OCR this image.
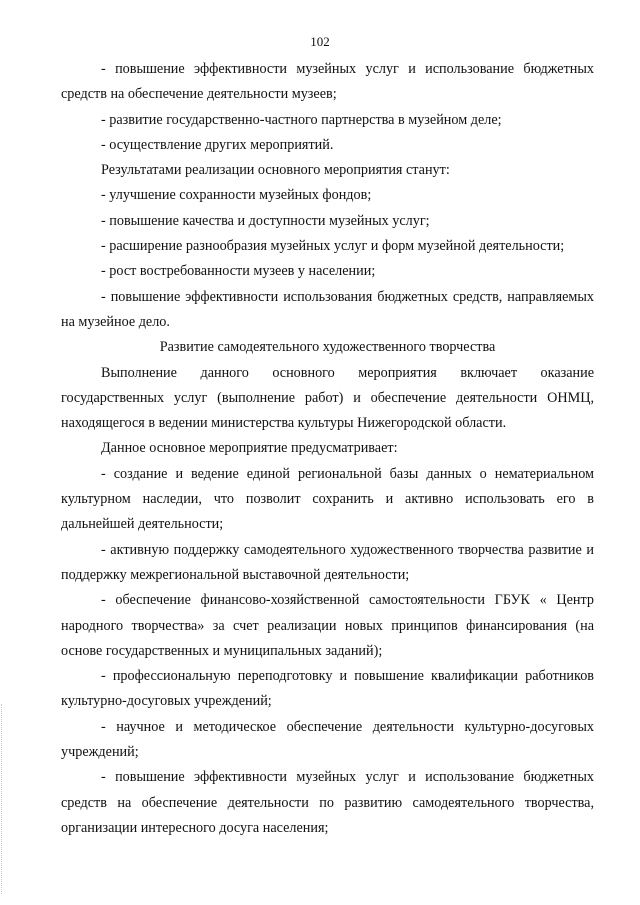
102

- повышение эффективности музейных услуг и использование бюджетных средств на обеспечение деятельности музеев;

- развитие государственно-частного партнерства в музейном деле;

- осуществление других мероприятий.

Результатами реализации основного мероприятия станут:

- улучшение сохранности музейных фондов;

- повышение качества и доступности музейных услуг;

- расширение разнообразия музейных услуг и форм музейной деятельности;

- рост востребованности музеев у населении;

- повышение эффективности использования бюджетных средств, направляемых на музейное дело.

Развитие самодеятельного художественного творчества

Выполнение данного основного мероприятия включает оказание государственных услуг (выполнение работ) и обеспечение деятельности ОНМЦ, находящегося в ведении министерства культуры Нижегородской области.

Данное основное мероприятие предусматривает:

- создание и ведение единой региональной базы данных о нематериальном культурном наследии, что позволит сохранить и активно использовать его в дальнейшей деятельности;

- активную поддержку самодеятельного художественного творчества развитие и поддержку межрегиональной выставочной деятельности;

- обеспечение финансово-хозяйственной самостоятельности ГБУК « Центр народного творчества» за счет реализации новых принципов финансирования (на основе государственных и муниципальных заданий);

- профессиональную переподготовку и повышение квалификации работников культурно-досуговых учреждений;

- научное и методическое обеспечение деятельности культурно-досуговых учреждений;

- повышение эффективности музейных услуг и использование бюджетных средств на обеспечение деятельности по развитию самодеятельного творчества, организации интересного досуга населения;
